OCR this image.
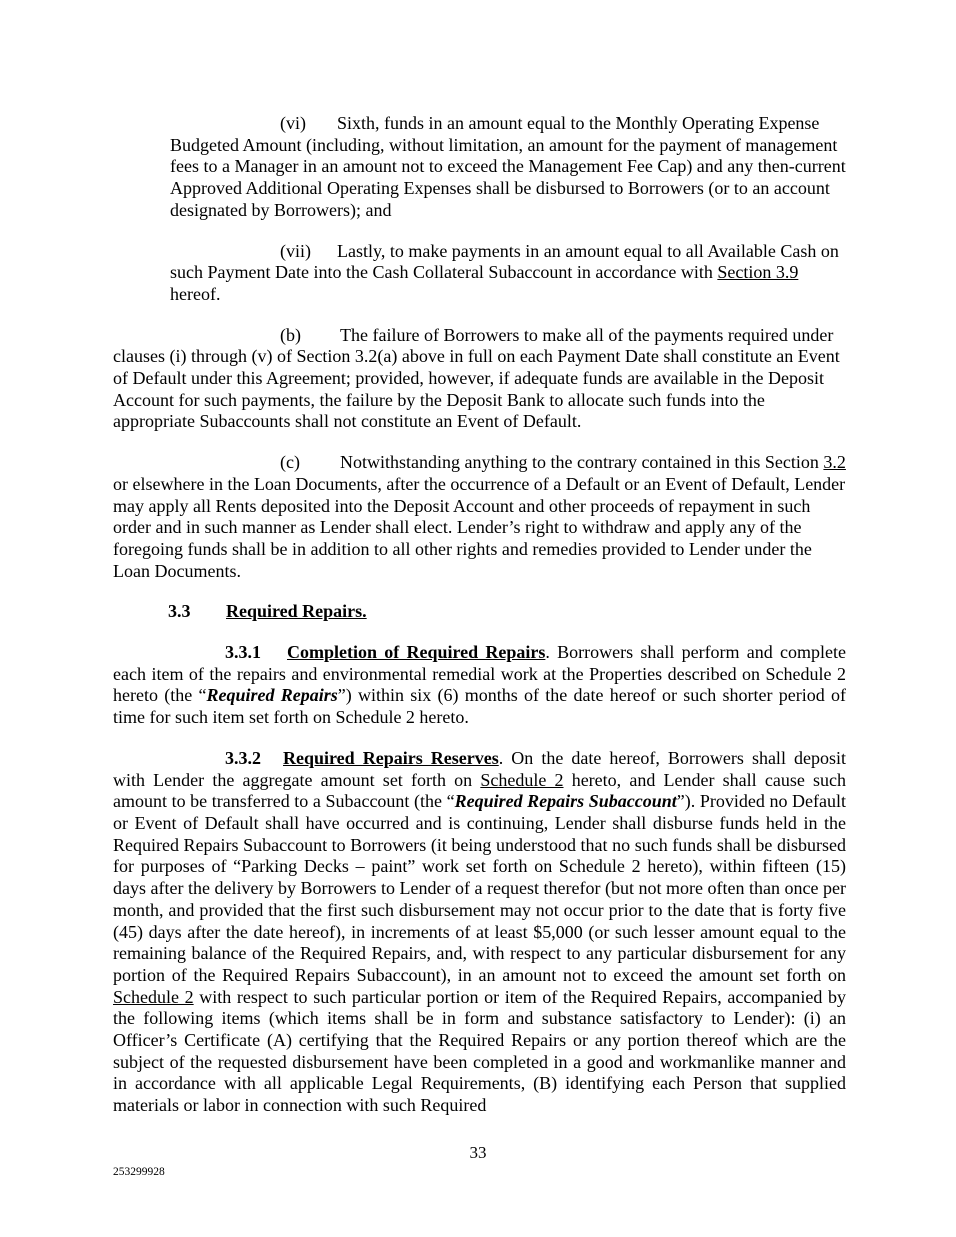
(vi) Sixth, funds in an amount equal to the Monthly Operating Expense Budgeted Amount (including, without limitation, an amount for the payment of management fees to a Manager in an amount not to exceed the Management Fee Cap) and any then-current Approved Additional Operating Expenses shall be disbursed to Borrowers (or to an account designated by Borrowers); and

(vii) Lastly, to make payments in an amount equal to all Available Cash on such Payment Date into the Cash Collateral Subaccount in accordance with Section 3.9 hereof.

(b) The failure of Borrowers to make all of the payments required under clauses (i) through (v) of Section 3.2(a) above in full on each Payment Date shall constitute an Event of Default under this Agreement; provided, however, if adequate funds are available in the Deposit Account for such payments, the failure by the Deposit Bank to allocate such funds into the appropriate Subaccounts shall not constitute an Event of Default.

(c) Notwithstanding anything to the contrary contained in this Section 3.2 or elsewhere in the Loan Documents, after the occurrence of a Default or an Event of Default, Lender may apply all Rents deposited into the Deposit Account and other proceeds of repayment in such order and in such manner as Lender shall elect. Lender’s right to withdraw and apply any of the foregoing funds shall be in addition to all other rights and remedies provided to Lender under the Loan Documents.

3.3 Required Repairs.

3.3.1 Completion of Required Repairs. Borrowers shall perform and complete each item of the repairs and environmental remedial work at the Properties described on Schedule 2 hereto (the “Required Repairs”) within six (6) months of the date hereof or such shorter period of time for such item set forth on Schedule 2 hereto.

3.3.2 Required Repairs Reserves. On the date hereof, Borrowers shall deposit with Lender the aggregate amount set forth on Schedule 2 hereto, and Lender shall cause such amount to be transferred to a Subaccount (the “Required Repairs Subaccount”). Provided no Default or Event of Default shall have occurred and is continuing, Lender shall disburse funds held in the Required Repairs Subaccount to Borrowers (it being understood that no such funds shall be disbursed for purposes of “Parking Decks – paint” work set forth on Schedule 2 hereto), within fifteen (15) days after the delivery by Borrowers to Lender of a request therefor (but not more often than once per month, and provided that the first such disbursement may not occur prior to the date that is forty five (45) days after the date hereof), in increments of at least $5,000 (or such lesser amount equal to the remaining balance of the Required Repairs, and, with respect to any particular disbursement for any portion of the Required Repairs Subaccount), in an amount not to exceed the amount set forth on Schedule 2 with respect to such particular portion or item of the Required Repairs, accompanied by the following items (which items shall be in form and substance satisfactory to Lender): (i) an Officer’s Certificate (A) certifying that the Required Repairs or any portion thereof which are the subject of the requested disbursement have been completed in a good and workmanlike manner and in accordance with all applicable Legal Requirements, (B) identifying each Person that supplied materials or labor in connection with such Required

33
253299928
